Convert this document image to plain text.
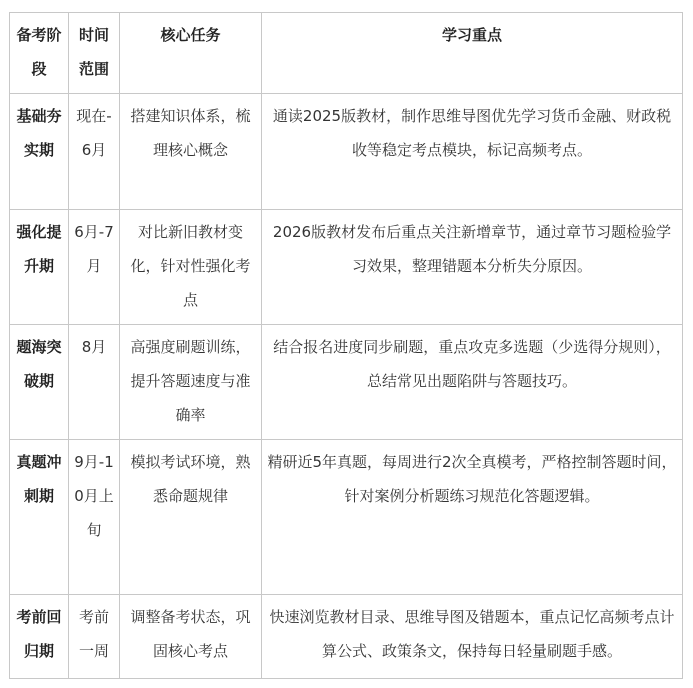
备考阶段	时间范围	核心任务	学习重点
基础夯实期	现在-6月	搭建知识体系，梳理核心概念	通读2025版教材，制作思维导图优先学习货币金融、财政税收等稳定考点模块，标记高频考点。
强化提升期	6月-7月	对比新旧教材变化，针对性强化考点	2026版教材发布后重点关注新增章节，通过章节习题检验学习效果，整理错题本分析失分原因。
题海突破期	8月	高强度刷题训练，提升答题速度与准确率	结合报名进度同步刷题，重点攻克多选题（少选得分规则），总结常见出题陷阱与答题技巧。
真题冲刺期	9月-10月上旬	模拟考试环境，熟悉命题规律	精研近5年真题，每周进行2次全真模考，严格控制答题时间，针对案例分析题练习规范化答题逻辑。
考前回归期	考前一周	调整备考状态，巩固核心考点	快速浏览教材目录、思维导图及错题本，重点记忆高频考点计算公式、政策条文，保持每日轻量刷题手感。
